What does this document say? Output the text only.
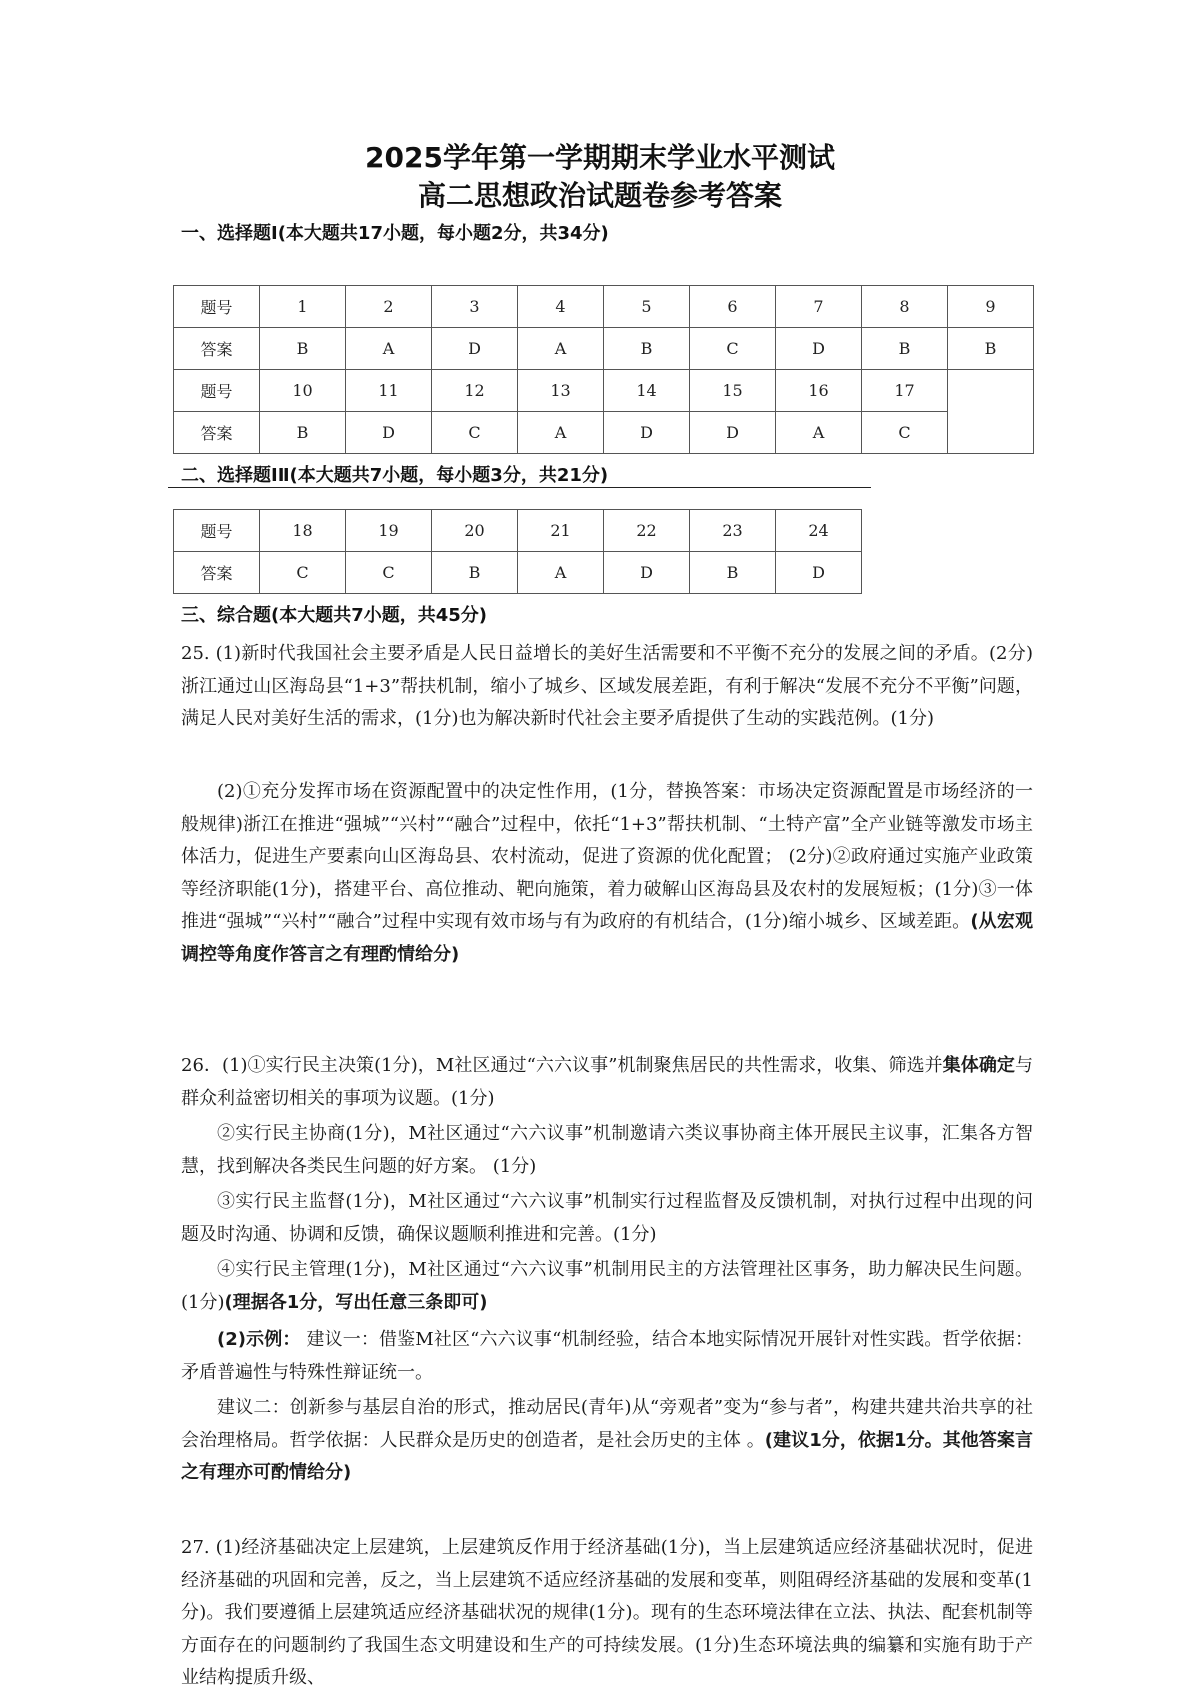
2025学年第一学期期末学业水平测试
高二思想政治试题卷参考答案
一、选择题I(本大题共17小题，每小题2分，共34分)
题号	1	2	3	4	5	6	7	8	9
答案	B	A	D	A	B	C	D	B	B
题号	10	11	12	13	14	15	16	17	
答案	B	D	C	A	D	D	A	C	
二、选择题ⅠⅡ(本大题共7小题，每小题3分，共21分)
题号	18	19	20	21	22	23	24
答案	C	C	B	A	D	B	D
三、综合题(本大题共7小题，共45分)
25. (1)新时代我国社会主要矛盾是人民日益增长的美好生活需要和不平衡不充分的发展之间的矛盾。(2分)浙江通过山区海岛县“1+3”帮扶机制，缩小了城乡、区域发展差距，有利于解决“发展不充分不平衡”问题，满足人民对美好生活的需求，(1分)也为解决新时代社会主要矛盾提供了生动的实践范例。(1分)
(2)①充分发挥市场在资源配置中的决定性作用，(1分，替换答案：市场决定资源配置是市场经济的一般规律)浙江在推进“强城”“兴村”“融合”过程中，依托“1+3”帮扶机制、“土特产富”全产业链等激发市场主体活力，促进生产要素向山区海岛县、农村流动，促进了资源的优化配置； (2分)②政府通过实施产业政策等经济职能(1分)，搭建平台、高位推动、靶向施策，着力破解山区海岛县及农村的发展短板；(1分)③一体推进“强城”“兴村”“融合”过程中实现有效市场与有为政府的有机结合，(1分)缩小城乡、区域差距。(从宏观调控等角度作答言之有理酌情给分)
26．(1)①实行民主决策(1分)，M社区通过“六六议事”机制聚焦居民的共性需求，收集、筛选并集体确定与群众利益密切相关的事项为议题。(1分)
②实行民主协商(1分)，M社区通过“六六议事”机制邀请六类议事协商主体开展民主议事，汇集各方智慧，找到解决各类民生问题的好方案。 (1分)
③实行民主监督(1分)，M社区通过“六六议事”机制实行过程监督及反馈机制，对执行过程中出现的问题及时沟通、协调和反馈，确保议题顺利推进和完善。(1分)
④实行民主管理(1分)，M社区通过“六六议事”机制用民主的方法管理社区事务，助力解决民生问题。(1分)(理据各1分，写出任意三条即可)
(2)示例： 建议一：借鉴M社区“六六议事“机制经验，结合本地实际情况开展针对性实践。哲学依据：矛盾普遍性与特殊性辩证统一。
建议二：创新参与基层自治的形式，推动居民(青年)从“旁观者”变为“参与者”，构建共建共治共享的社会治理格局。哲学依据：人民群众是历史的创造者，是社会历史的主体 。(建议1分，依据1分。其他答案言之有理亦可酌情给分)
27. (1)经济基础决定上层建筑，上层建筑反作用于经济基础(1分)，当上层建筑适应经济基础状况时，促进经济基础的巩固和完善，反之，当上层建筑不适应经济基础的发展和变革，则阻碍经济基础的发展和变革(1分)。我们要遵循上层建筑适应经济基础状况的规律(1分)。现有的生态环境法律在立法、执法、配套机制等方面存在的问题制约了我国生态文明建设和生产的可持续发展。(1分)生态环境法典的编纂和实施有助于产业结构提质升级、
